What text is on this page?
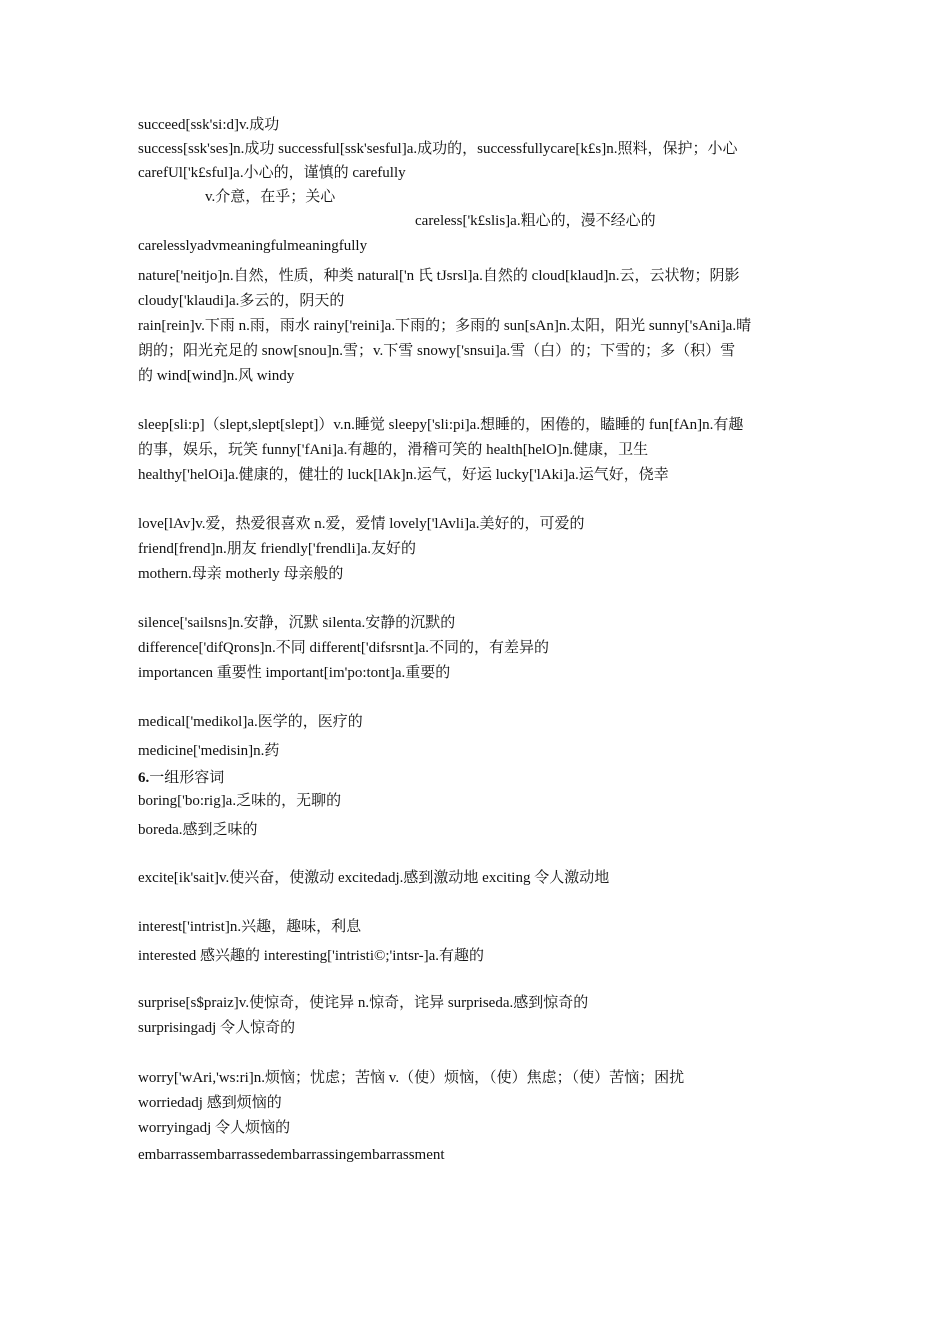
succeed[ssk'si:d]v.成功
success[ssk'ses]n.成功 successful[ssk'sesful]a.成功的，successfullycare[k£s]n.照料，保护；小心
carefUl['k£sful]a.小心的，谨慎的 carefully
v.介意，在乎；关心
careless['k£slis]a.粗心的，漫不经心的
carelesslyadvmeaningfulmeaningfully
nature['neitjo]n.自然，性质，种类 natural['n 氏 tJsrsl]a.自然的 cloud[klaud]n.云，云状物；阴影
cloudy['klaudi]a.多云的，阴天的
rain[rein]v.下雨 n.雨，雨水 rainy['reini]a.下雨的；多雨的 sun[sAn]n.太阳，阳光 sunny['sAni]a.晴
朗的；阳光充足的 snow[snou]n.雪；v.下雪 snowy['snsui]a.雪（白）的；下雪的；多（积）雪
的 wind[wind]n.风 windy
sleep[sli:p]（slept,slept[slept]）v.n.睡觉 sleepy['sli:pi]a.想睡的，困倦的，瞌睡的 fun[fAn]n.有趣
的事，娱乐，玩笑 funny['fAni]a.有趣的，滑稽可笑的 health[helO]n.健康，卫生
healthy['helOi]a.健康的，健壮的 luck[lAk]n.运气，好运 lucky['lAki]a.运气好，侥幸
love[lAv]v.爱，热爱很喜欢 n.爱，爱情 lovely['lAvli]a.美好的，可爱的
friend[frend]n.朋友 friendly['frendli]a.友好的
mothern.母亲 motherly 母亲般的
silence['sailsns]n.安静，沉默 silenta.安静的沉默的
difference['difQrons]n.不同 different['difsrsnt]a.不同的，有差异的
importancen 重要性 important[im'po:tont]a.重要的
medical['medikol]a.医学的，医疗的
medicine['medisin]n.药
6.一组形容词
boring['bo:rig]a.乏味的，无聊的
boreda.感到乏味的
excite[ik'sait]v.使兴奋，使激动 excitedadj.感到激动地 exciting 令人激动地
interest['intrist]n.兴趣，趣味，利息
interested 感兴趣的 interesting['intristi©;'intsr-]a.有趣的
surprise[s$praiz]v.使惊奇，使诧异 n.惊奇，诧异 surpriseda.感到惊奇的
surprisingadj 令人惊奇的
worry['wAri,'ws:ri]n.烦恼；忧虑；苦恼 v.（使）烦恼，（使）焦虑；（使）苦恼；困扰
worriedadj 感到烦恼的
worryingadj 令人烦恼的
embarrassembarrassedembarrassingembarrassment
